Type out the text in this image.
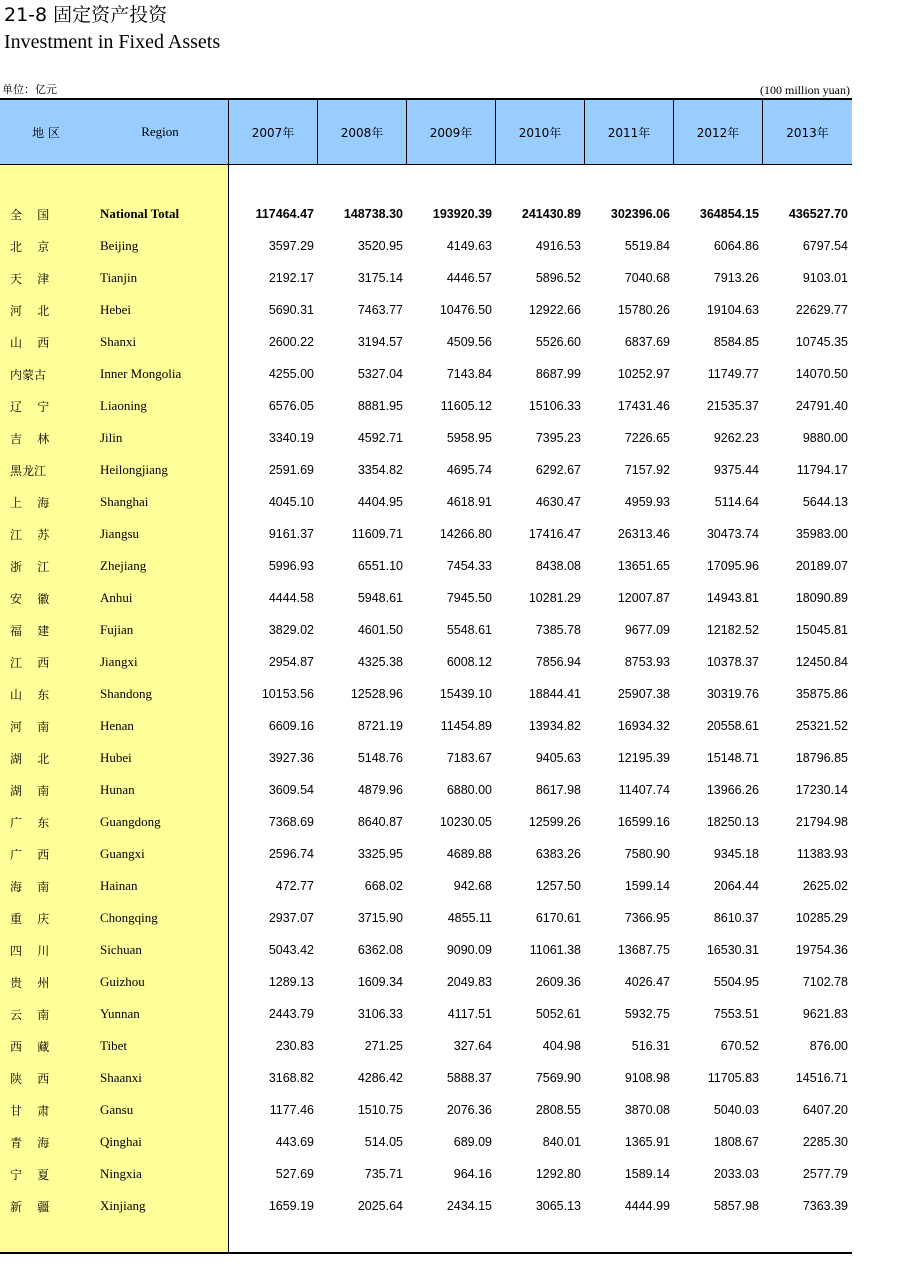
21-8 固定资产投资
Investment in Fixed Assets
单位：亿元	(100 million yuan)
地 区	Region	2007年	2008年	2009年	2010年	2011年	2012年	2013年
全    国	National Total	117464.47	148738.30	193920.39	241430.89	302396.06	364854.15	436527.70
北    京	Beijing	3597.29	3520.95	4149.63	4916.53	5519.84	6064.86	6797.54
天    津	Tianjin	2192.17	3175.14	4446.57	5896.52	7040.68	7913.26	9103.01
河    北	Hebei	5690.31	7463.77	10476.50	12922.66	15780.26	19104.63	22629.77
山    西	Shanxi	2600.22	3194.57	4509.56	5526.60	6837.69	8584.85	10745.35
内蒙古	Inner Mongolia	4255.00	5327.04	7143.84	8687.99	10252.97	11749.77	14070.50
辽    宁	Liaoning	6576.05	8881.95	11605.12	15106.33	17431.46	21535.37	24791.40
吉    林	Jilin	3340.19	4592.71	5958.95	7395.23	7226.65	9262.23	9880.00
黑龙江	Heilongjiang	2591.69	3354.82	4695.74	6292.67	7157.92	9375.44	11794.17
上    海	Shanghai	4045.10	4404.95	4618.91	4630.47	4959.93	5114.64	5644.13
江    苏	Jiangsu	9161.37	11609.71	14266.80	17416.47	26313.46	30473.74	35983.00
浙    江	Zhejiang	5996.93	6551.10	7454.33	8438.08	13651.65	17095.96	20189.07
安    徽	Anhui	4444.58	5948.61	7945.50	10281.29	12007.87	14943.81	18090.89
福    建	Fujian	3829.02	4601.50	5548.61	7385.78	9677.09	12182.52	15045.81
江    西	Jiangxi	2954.87	4325.38	6008.12	7856.94	8753.93	10378.37	12450.84
山    东	Shandong	10153.56	12528.96	15439.10	18844.41	25907.38	30319.76	35875.86
河    南	Henan	6609.16	8721.19	11454.89	13934.82	16934.32	20558.61	25321.52
湖    北	Hubei	3927.36	5148.76	7183.67	9405.63	12195.39	15148.71	18796.85
湖    南	Hunan	3609.54	4879.96	6880.00	8617.98	11407.74	13966.26	17230.14
广    东	Guangdong	7368.69	8640.87	10230.05	12599.26	16599.16	18250.13	21794.98
广    西	Guangxi	2596.74	3325.95	4689.88	6383.26	7580.90	9345.18	11383.93
海    南	Hainan	472.77	668.02	942.68	1257.50	1599.14	2064.44	2625.02
重    庆	Chongqing	2937.07	3715.90	4855.11	6170.61	7366.95	8610.37	10285.29
四    川	Sichuan	5043.42	6362.08	9090.09	11061.38	13687.75	16530.31	19754.36
贵    州	Guizhou	1289.13	1609.34	2049.83	2609.36	4026.47	5504.95	7102.78
云    南	Yunnan	2443.79	3106.33	4117.51	5052.61	5932.75	7553.51	9621.83
西    藏	Tibet	230.83	271.25	327.64	404.98	516.31	670.52	876.00
陕    西	Shaanxi	3168.82	4286.42	5888.37	7569.90	9108.98	11705.83	14516.71
甘    肃	Gansu	1177.46	1510.75	2076.36	2808.55	3870.08	5040.03	6407.20
青    海	Qinghai	443.69	514.05	689.09	840.01	1365.91	1808.67	2285.30
宁    夏	Ningxia	527.69	735.71	964.16	1292.80	1589.14	2033.03	2577.79
新    疆	Xinjiang	1659.19	2025.64	2434.15	3065.13	4444.99	5857.98	7363.39
